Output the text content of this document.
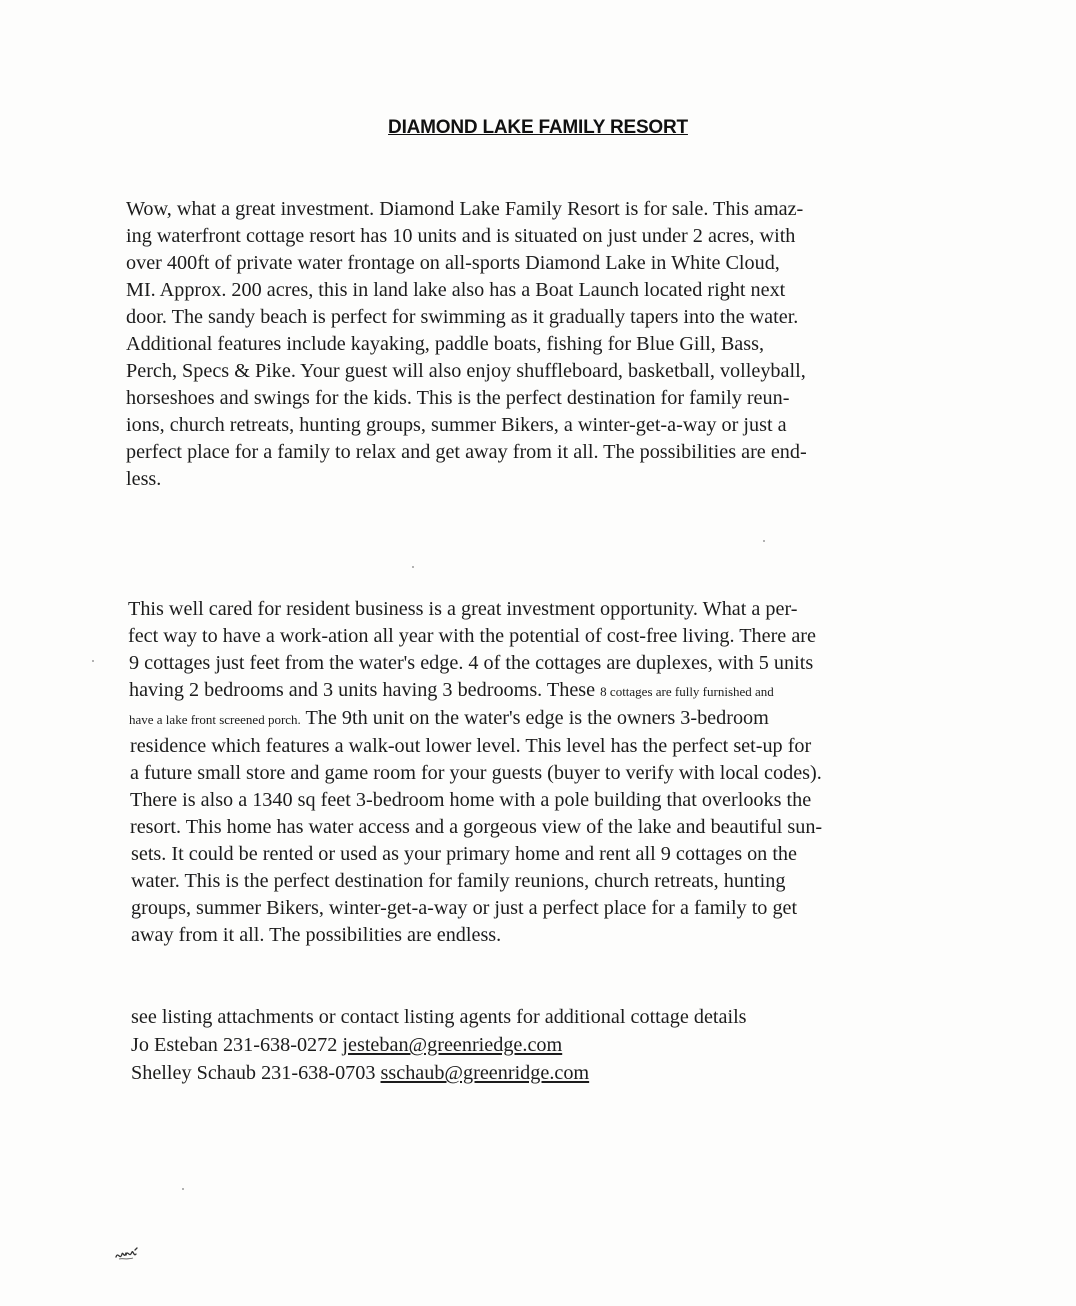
DIAMOND LAKE FAMILY RESORT
Wow, what a great investment. Diamond Lake Family Resort is for sale. This amaz-
ing waterfront cottage resort has 10 units and is situated on just under 2 acres, with
over 400ft of private water frontage on all-sports Diamond Lake in White Cloud,
MI. Approx. 200 acres, this in land lake also has a Boat Launch located right next
door. The sandy beach is perfect for swimming as it gradually tapers into the water.
Additional features include kayaking, paddle boats, fishing for Blue Gill, Bass,
Perch, Specs & Pike. Your guest will also enjoy shuffleboard, basketball, volleyball,
horseshoes and swings for the kids. This is the perfect destination for family reun-
ions, church retreats, hunting groups, summer Bikers, a winter-get-a-way or just a
perfect place for a family to relax and get away from it all. The possibilities are end-
less.
This well cared for resident business is a great investment opportunity. What a per-
fect way to have a work-ation all year with the potential of cost-free living. There are
9 cottages just feet from the water's edge. 4 of the cottages are duplexes, with 5 units
having 2 bedrooms and 3 units having 3 bedrooms. These 8 cottages are fully furnished and
have a lake front screened porch. The 9th unit on the water's edge is the owners 3-bedroom
residence which features a walk-out lower level. This level has the perfect set-up for
a future small store and game room for your guests (buyer to verify with local codes).
There is also a 1340 sq feet 3-bedroom home with a pole building that overlooks the
resort. This home has water access and a gorgeous view of the lake and beautiful sun-
sets. It could be rented or used as your primary home and rent all 9 cottages on the
water. This is the perfect destination for family reunions, church retreats, hunting
groups, summer Bikers, winter-get-a-way or just a perfect place for a family to get
away from it all. The possibilities are endless.
see listing attachments or contact listing agents for additional cottage details
Jo Esteban 231-638-0272 jesteban@greenriedge.com
Shelley Schaub 231-638-0703 sschaub@greenridge.com
